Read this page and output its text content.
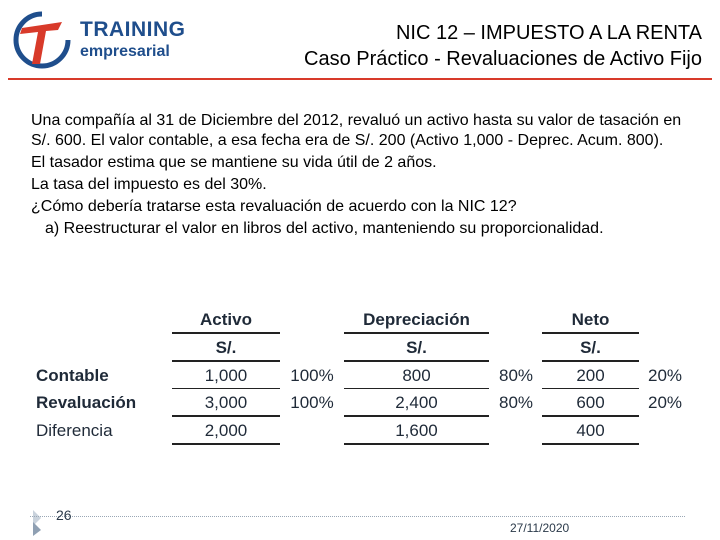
TRAINING
empresarial
NIC 12 – IMPUESTO A LA RENTA
Caso Práctico - Revaluaciones de Activo Fijo

Una compañía al 31 de Diciembre del 2012, revaluó un activo hasta su valor de tasación en S/. 600. El valor contable, a esa fecha era de S/. 200 (Activo 1,000 - Deprec. Acum. 800).

El tasador estima que se mantiene su vida útil de 2 años.

La tasa del impuesto es del 30%.

¿Cómo debería tratarse esta revaluación de acuerdo con la NIC 12?

a) Reestructurar el valor en libros del activo, manteniendo su proporcionalidad.

Activo	Depreciación	Neto
S/.	S/.	S/.
Contable	1,000	100%	800	80%	200	20%
Revaluación	3,000	100%	2,400	80%	600	20%
Diferencia	2,000	1,600	400
26
27/11/2020
